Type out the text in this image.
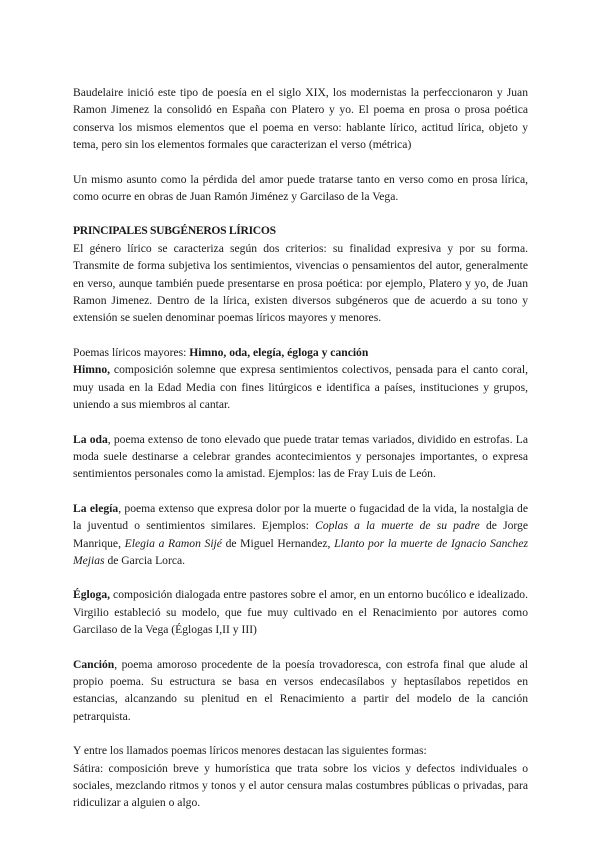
Baudelaire inició este tipo de poesía en el siglo XIX, los modernistas la perfeccionaron y Juan Ramon Jimenez la consolidó en España con Platero y yo. El poema en prosa o prosa poética conserva los mismos elementos que el poema en verso: hablante lírico, actitud lírica, objeto y tema, pero sin los elementos formales que caracterizan el verso (métrica)

Un mismo asunto como la pérdida del amor puede tratarse tanto en verso como en prosa lírica, como ocurre en obras de Juan Ramón Jiménez y Garcilaso de la Vega.

PRINCIPALES SUBGÉNEROS LÍRICOS

El género lírico se caracteriza según dos criterios: su finalidad expresiva y por su forma. Transmite de forma subjetiva los sentimientos, vivencias o pensamientos del autor, generalmente en verso, aunque también puede presentarse en prosa poética: por ejemplo, Platero y yo, de Juan Ramon Jimenez. Dentro de la lírica, existen diversos subgéneros que de acuerdo a su tono y extensión se suelen denominar poemas líricos mayores y menores.

Poemas líricos mayores: Himno, oda, elegía, égloga y canción

Himno, composición solemne que expresa sentimientos colectivos, pensada para el canto coral, muy usada en la Edad Media con fines litúrgicos e identifica a países, instituciones y grupos, uniendo a sus miembros al cantar.

La oda, poema extenso de tono elevado que puede tratar temas variados, dividido en estrofas. La moda suele destinarse a celebrar grandes acontecimientos y personajes importantes, o expresa sentimientos personales como la amistad. Ejemplos: las de Fray Luis de León.

La elegía, poema extenso que expresa dolor por la muerte o fugacidad de la vida, la nostalgia de la juventud o sentimientos similares. Ejemplos: Coplas a la muerte de su padre de Jorge Manrique, Elegia a Ramon Sijé de Miguel Hernandez, Llanto por la muerte de Ignacio Sanchez Mejias de Garcia Lorca.

Égloga, composición dialogada entre pastores sobre el amor, en un entorno bucólico e idealizado. Virgilio estableció su modelo, que fue muy cultivado en el Renacimiento por autores como Garcilaso de la Vega (Églogas I,II y III)

Canción, poema amoroso procedente de la poesía trovadoresca, con estrofa final que alude al propio poema. Su estructura se basa en versos endecasílabos y heptasílabos repetidos en estancias, alcanzando su plenitud en el Renacimiento a partir del modelo de la canción petrarquista.

Y entre los llamados poemas líricos menores destacan las siguientes formas:

Sátira: composición breve y humorística que trata sobre los vicios y defectos individuales o sociales, mezclando ritmos y tonos y el autor censura malas costumbres públicas o privadas, para ridiculizar a alguien o algo.
